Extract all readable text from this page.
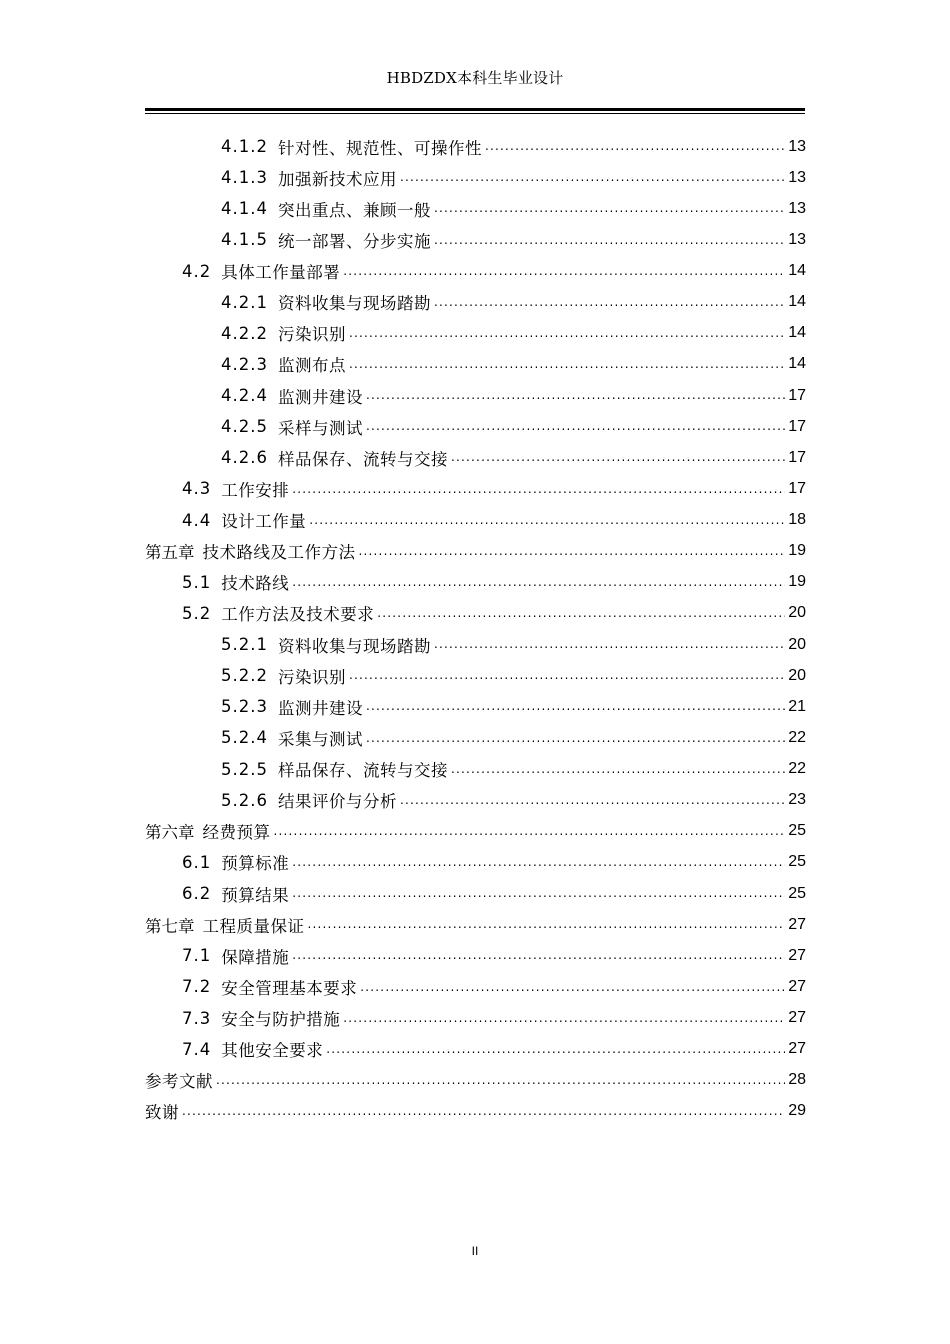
HBDZDX本科生毕业设计
4.1.2 针对性、规范性、可操作性 .....	13
4.1.3 加强新技术应用 .....	13
4.1.4 突出重点、兼顾一般 .....	13
4.1.5 统一部署、分步实施 .....	13
4.2 具体工作量部署 .....	14
4.2.1 资料收集与现场踏勘 .....	14
4.2.2 污染识别 .....	14
4.2.3 监测布点 .....	14
4.2.4 监测井建设 .....	17
4.2.5 采样与测试 .....	17
4.2.6 样品保存、流转与交接 .....	17
4.3 工作安排 .....	17
4.4 设计工作量 .....	18
第五章 技术路线及工作方法 .....	19
5.1 技术路线 .....	19
5.2 工作方法及技术要求 .....	20
5.2.1 资料收集与现场踏勘 .....	20
5.2.2 污染识别 .....	20
5.2.3 监测井建设 .....	21
5.2.4 采集与测试 .....	22
5.2.5 样品保存、流转与交接 .....	22
5.2.6 结果评价与分析 .....	23
第六章 经费预算 .....	25
6.1 预算标准 .....	25
6.2 预算结果 .....	25
第七章 工程质量保证 .....	27
7.1 保障措施 .....	27
7.2 安全管理基本要求 .....	27
7.3 安全与防护措施 .....	27
7.4 其他安全要求 .....	27
参考文献 .....	28
致谢 .....	29
II
